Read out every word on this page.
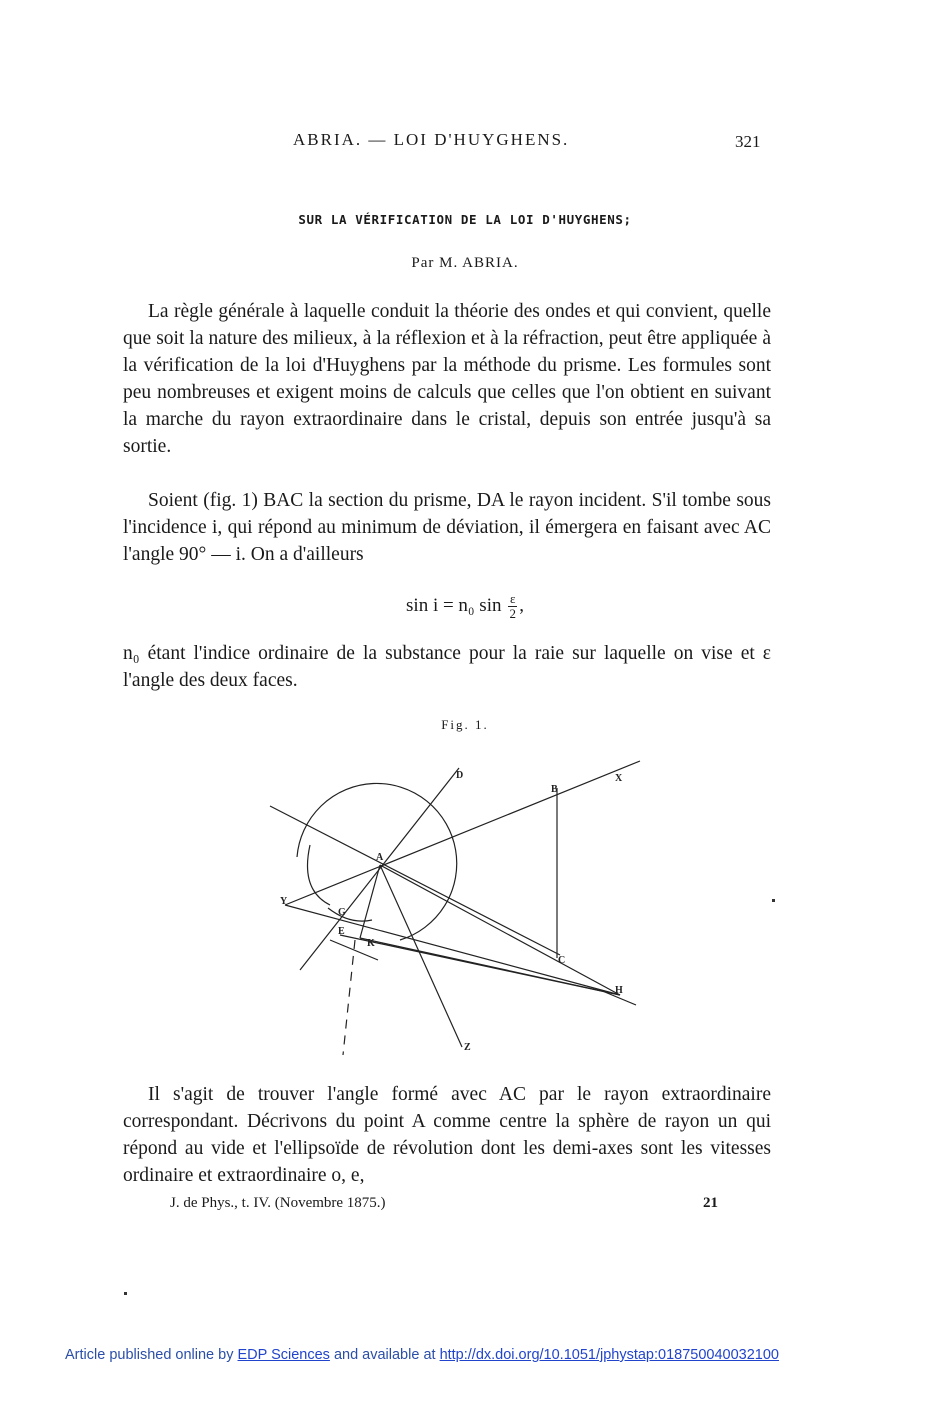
ABRIA. — LOI D'HUYGHENS.	321
SUR LA VÉRIFICATION DE LA LOI D'HUYGHENS;
Par M. ABRIA.
La règle générale à laquelle conduit la théorie des ondes et qui convient, quelle que soit la nature des milieux, à la réflexion et à la réfraction, peut être appliquée à la vérification de la loi d'Huyghens par la méthode du prisme. Les formules sont peu nombreuses et exigent moins de calculs que celles que l'on obtient en suivant la marche du rayon extraordinaire dans le cristal, depuis son entrée jusqu'à sa sortie.
Soient (fig. 1) BAC la section du prisme, DA le rayon incident. S'il tombe sous l'incidence i, qui répond au minimum de déviation, il émergera en faisant avec AC l'angle 90° — i. On a d'ailleurs
sin i = n₀ $\sin \frac{\varepsilon}{2}$ ,
n₀ étant l'indice ordinaire de la substance pour la raie sur laquelle on vise et ε l'angle des deux faces.
Fig. 1.
D
B
X
A
Y
G
E
K
C
H
Z
Il s'agit de trouver l'angle formé avec AC par le rayon extraordinaire correspondant. Décrivons du point A comme centre la sphère de rayon un qui répond au vide et l'ellipsoïde de révolution dont les demi-axes sont les vitesses ordinaire et extraordinaire o, e,
J. de Phys., t. IV. (Novembre 1875.)	21
Article published online by EDP Sciences and available at http://dx.doi.org/10.1051/jphystap:018750040032100
